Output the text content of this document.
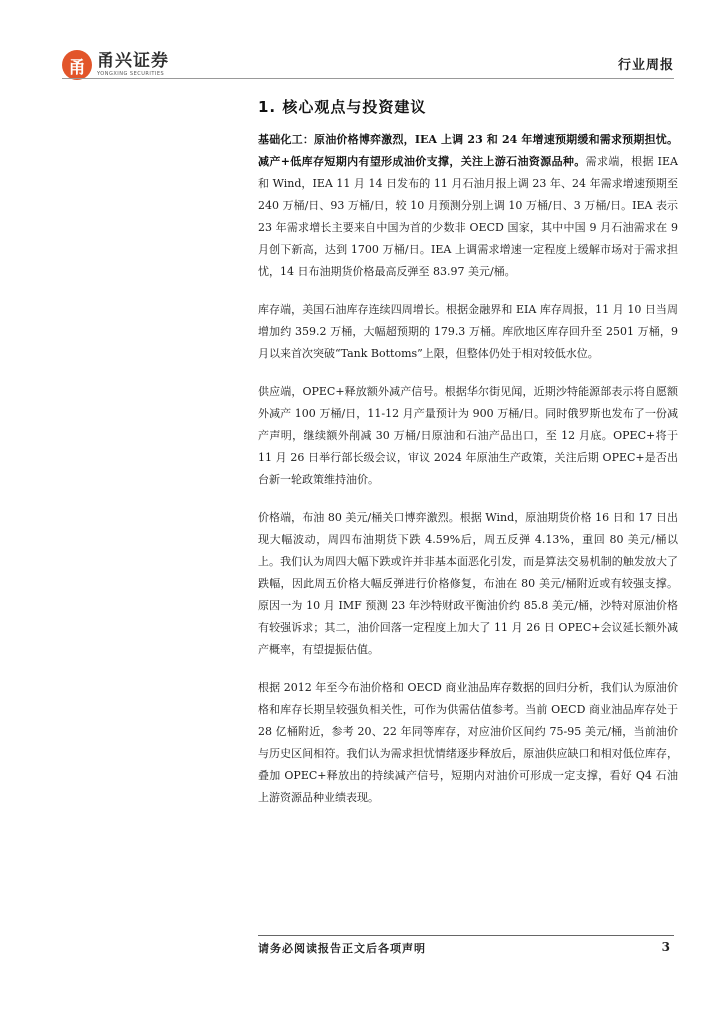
甬 甬兴证券
YONGXING SECURITIES
行业周报
1. 核心观点与投资建议

基础化工：原油价格博弈激烈，IEA 上调 23 和 24 年增速预期缓和需求预期担忧。减产+低库存短期内有望形成油价支撑，关注上游石油资源品种。需求端，根据 IEA 和 Wind，IEA 11 月 14 日发布的 11 月石油月报上调 23 年、24 年需求增速预期至 240 万桶/日、93 万桶/日，较 10 月预测分别上调 10 万桶/日、3 万桶/日。IEA 表示 23 年需求增长主要来自中国为首的少数非 OECD 国家，其中中国 9 月石油需求在 9 月创下新高，达到 1700 万桶/日。IEA 上调需求增速一定程度上缓解市场对于需求担忧，14 日布油期货价格最高反弹至 83.97 美元/桶。

库存端，美国石油库存连续四周增长。根据金融界和 EIA 库存周报，11 月 10 日当周增加约 359.2 万桶，大幅超预期的 179.3 万桶。库欣地区库存回升至 2501 万桶，9 月以来首次突破“Tank Bottoms”上限，但整体仍处于相对较低水位。

供应端，OPEC+释放额外减产信号。根据华尔街见闻，近期沙特能源部表示将自愿额外减产 100 万桶/日，11-12 月产量预计为 900 万桶/日。同时俄罗斯也发布了一份减产声明，继续额外削减 30 万桶/日原油和石油产品出口，至 12 月底。OPEC+将于 11 月 26 日举行部长级会议，审议 2024 年原油生产政策，关注后期 OPEC+是否出台新一轮政策维持油价。

价格端，布油 80 美元/桶关口博弈激烈。根据 Wind，原油期货价格 16 日和 17 日出现大幅波动，周四布油期货下跌 4.59%后，周五反弹 4.13%，重回 80 美元/桶以上。我们认为周四大幅下跌或许并非基本面恶化引发，而是算法交易机制的触发放大了跌幅，因此周五价格大幅反弹进行价格修复，布油在 80 美元/桶附近或有较强支撑。原因一为 10 月 IMF 预测 23 年沙特财政平衡油价约 85.8 美元/桶，沙特对原油价格有较强诉求；其二，油价回落一定程度上加大了 11 月 26 日 OPEC+会议延长额外减产概率，有望提振估值。

根据 2012 年至今布油价格和 OECD 商业油品库存数据的回归分析，我们认为原油价格和库存长期呈较强负相关性，可作为供需估值参考。当前 OECD 商业油品库存处于 28 亿桶附近，参考 20、22 年同等库存，对应油价区间约 75-95 美元/桶，当前油价与历史区间相符。我们认为需求担忧情绪逐步释放后，原油供应缺口和相对低位库存，叠加 OPEC+释放出的持续减产信号，短期内对油价可形成一定支撑，看好 Q4 石油上游资源品种业绩表现。

请务必阅读报告正文后各项声明	3
